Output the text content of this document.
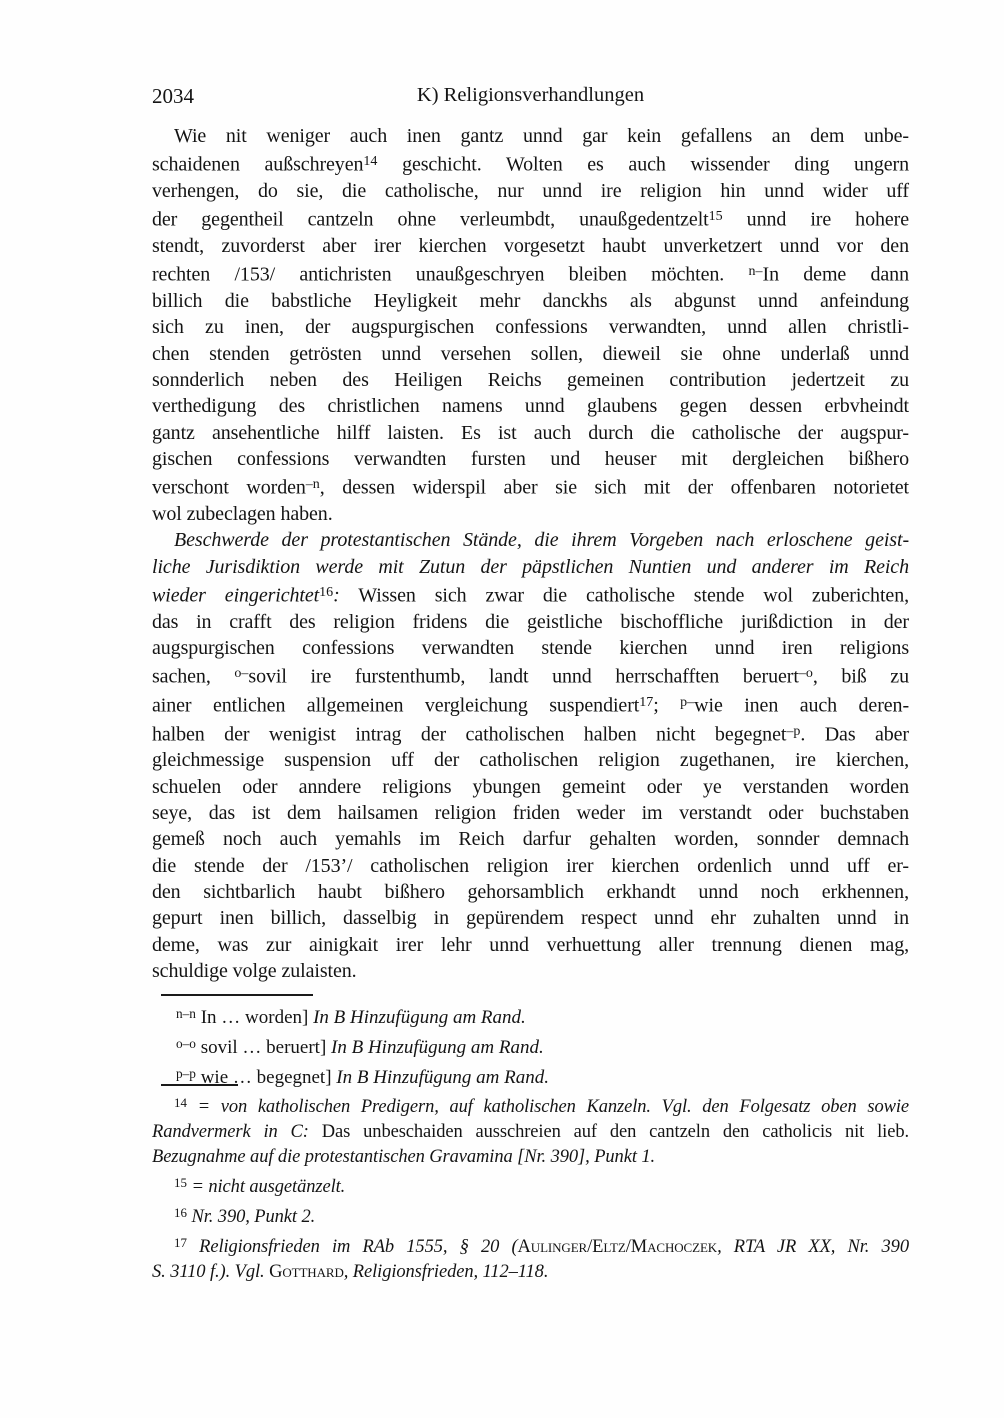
2034	K) Religionsverhandlungen
Wie nit weniger auch inen gantz unnd gar kein gefallens an dem unbe-
schaidenen außschreyen$^{14}$ geschicht. Wolten es auch wissender ding ungern
verhengen, do sie, die catholische, nur unnd ire religion hin unnd wider uff
der gegentheil cantzeln ohne verleumbdt, unaußgedentzelt$^{15}$ unnd ire hohere
stendt, zuvorderst aber irer kierchen vorgesetzt haubt unverketzert unnd vor den
rechten /153/ antichristen unaußgeschryen bleiben möchten. $^{n-}$In deme dann
billich die babstliche Heyligkeit mehr danckhs als abgunst unnd anfeindung
sich zu inen, der augspurgischen confessions verwandten, unnd allen christli-
chen stenden getrösten unnd versehen sollen, dieweil sie ohne underlaß unnd
sonnderlich neben des Heiligen Reichs gemeinen contribution jedertzeit zu
verthedigung des christlichen namens unnd glaubens gegen dessen erbvheindt
gantz ansehentliche hilff laisten. Es ist auch durch die catholische der augspur-
gischen confessions verwandten fursten und heuser mit dergleichen bißhero
verschont worden$^{-n}$, dessen widerspil aber sie sich mit der offenbaren notorietet
wol zubeclagen haben.
Beschwerde der protestantischen Stände, die ihrem Vorgeben nach erloschene geist-
liche Jurisdiktion werde mit Zutun der päpstlichen Nuntien und anderer im Reich
wieder eingerichtet$^{16}$: Wissen sich zwar die catholische stende wol zuberichten,
das in crafft des religion fridens die geistliche bischoffliche jurißdiction in der
augspurgischen confessions verwandten stende kierchen unnd iren religions
sachen, $^{o-}$sovil ire furstenthumb, landt unnd herrschafften beruert$^{-o}$, biß zu
ainer entlichen allgemeinen vergleichung suspendiert$^{17}$; $^{p-}$wie inen auch deren-
halben der wenigist intrag der catholischen halben nicht begegnet$^{-p}$. Das aber
gleichmessige suspension uff der catholischen religion zugethanen, ire kierchen,
schuelen oder anndere religions ybungen gemeint oder ye verstanden worden
seye, das ist dem hailsamen religion friden weder im verstandt oder buchstaben
gemeß noch auch yemahls im Reich darfur gehalten worden, sonnder demnach
die stende der /153’/ catholischen religion irer kierchen ordenlich unnd uff er-
den sichtbarlich haubt bißhero gehorsamblich erkhandt unnd noch erkhennen,
gepurt inen billich, dasselbig in gepürendem respect unnd ehr zuhalten unnd in
deme, was zur ainigkait irer lehr unnd verhuettung aller trennung dienen mag,
schuldige volge zulaisten.
$^{n-n}$ In … worden] In B Hinzufügung am Rand.
$^{o-o}$ sovil … beruert] In B Hinzufügung am Rand.
$^{p-p}$ wie … begegnet] In B Hinzufügung am Rand.
$^{14}$ = von katholischen Predigern, auf katholischen Kanzeln. Vgl. den Folgesatz oben sowie
Randvermerk in C: Das unbeschaiden ausschreien auf den cantzeln den catholicis nit lieb.
Bezugnahme auf die protestantischen Gravamina [Nr. 390], Punkt 1.
$^{15}$ = nicht ausgetänzelt.
$^{16}$ Nr. 390, Punkt 2.
$^{17}$ Religionsfrieden im RAb 1555, § 20 (Aulinger/Eltz/Machoczek, RTA JR XX, Nr. 390
S. 3110 f.). Vgl. Gotthard, Religionsfrieden, 112–118.
